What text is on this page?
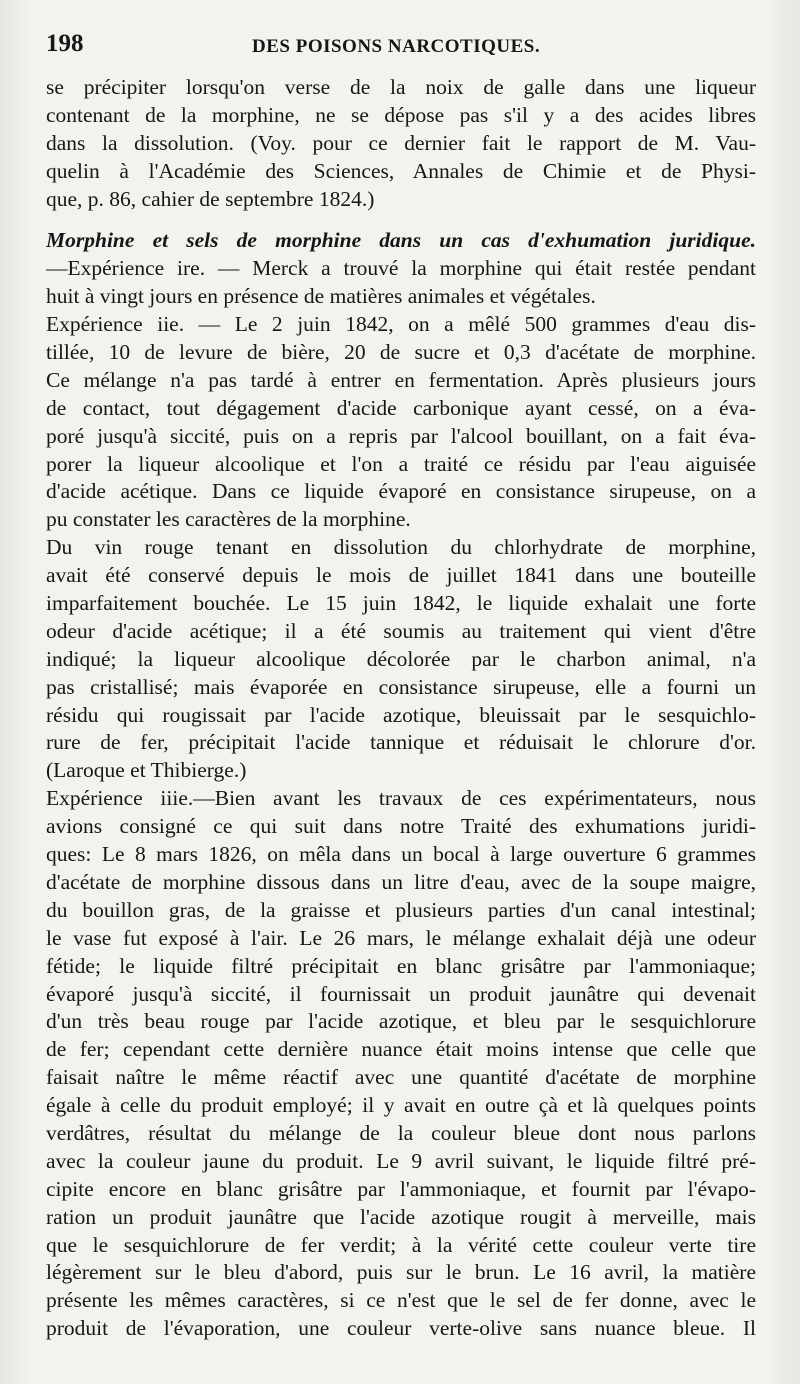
198	DES POISONS NARCOTIQUES.
se précipiter lorsqu'on verse de la noix de galle dans une liqueur
contenant de la morphine, ne se dépose pas s'il y a des acides libres
dans la dissolution. (Voy. pour ce dernier fait le rapport de M. Vau-
quelin à l'Académie des Sciences, Annales de Chimie et de Physi-
que, p. 86, cahier de septembre 1824.)
Morphine et sels de morphine dans un cas d'exhumation juridique.
—Expérience ire. — Merck a trouvé la morphine qui était restée pendant
huit à vingt jours en présence de matières animales et végétales.
Expérience iie. — Le 2 juin 1842, on a mêlé 500 grammes d'eau dis-
tillée, 10 de levure de bière, 20 de sucre et 0,3 d'acétate de morphine.
Ce mélange n'a pas tardé à entrer en fermentation. Après plusieurs jours
de contact, tout dégagement d'acide carbonique ayant cessé, on a éva-
poré jusqu'à siccité, puis on a repris par l'alcool bouillant, on a fait éva-
porer la liqueur alcoolique et l'on a traité ce résidu par l'eau aiguisée
d'acide acétique. Dans ce liquide évaporé en consistance sirupeuse, on a
pu constater les caractères de la morphine.
Du vin rouge tenant en dissolution du chlorhydrate de morphine,
avait été conservé depuis le mois de juillet 1841 dans une bouteille
imparfaitement bouchée. Le 15 juin 1842, le liquide exhalait une forte
odeur d'acide acétique; il a été soumis au traitement qui vient d'être
indiqué; la liqueur alcoolique décolorée par le charbon animal, n'a
pas cristallisé; mais évaporée en consistance sirupeuse, elle a fourni un
résidu qui rougissait par l'acide azotique, bleuissait par le sesquichlo-
rure de fer, précipitait l'acide tannique et réduisait le chlorure d'or.
(Laroque et Thibierge.)
Expérience iiie.—Bien avant les travaux de ces expérimentateurs, nous
avions consigné ce qui suit dans notre Traité des exhumations juridi-
ques: Le 8 mars 1826, on mêla dans un bocal à large ouverture 6 grammes
d'acétate de morphine dissous dans un litre d'eau, avec de la soupe maigre,
du bouillon gras, de la graisse et plusieurs parties d'un canal intestinal;
le vase fut exposé à l'air. Le 26 mars, le mélange exhalait déjà une odeur
fétide; le liquide filtré précipitait en blanc grisâtre par l'ammoniaque;
évaporé jusqu'à siccité, il fournissait un produit jaunâtre qui devenait
d'un très beau rouge par l'acide azotique, et bleu par le sesquichlorure
de fer; cependant cette dernière nuance était moins intense que celle que
faisait naître le même réactif avec une quantité d'acétate de morphine
égale à celle du produit employé; il y avait en outre çà et là quelques points
verdâtres, résultat du mélange de la couleur bleue dont nous parlons
avec la couleur jaune du produit. Le 9 avril suivant, le liquide filtré pré-
cipite encore en blanc grisâtre par l'ammoniaque, et fournit par l'évapo-
ration un produit jaunâtre que l'acide azotique rougit à merveille, mais
que le sesquichlorure de fer verdit; à la vérité cette couleur verte tire
légèrement sur le bleu d'abord, puis sur le brun. Le 16 avril, la matière
présente les mêmes caractères, si ce n'est que le sel de fer donne, avec le
produit de l'évaporation, une couleur verte-olive sans nuance bleue. Il
